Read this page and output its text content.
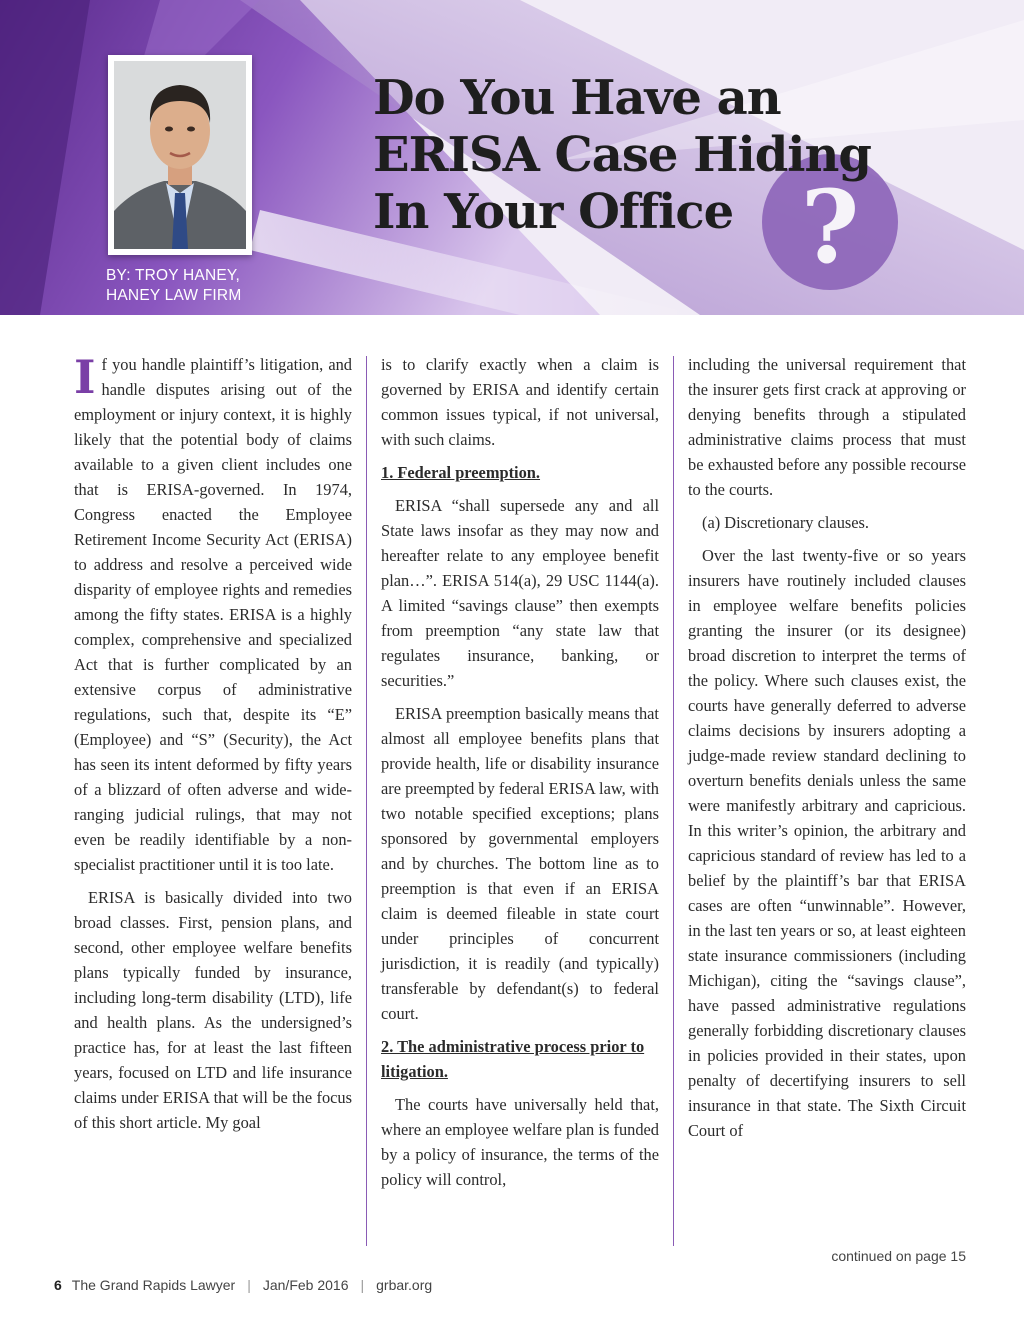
BY: TROY HANEY,
HANEY LAW FIRM
?
Do You Have an
ERISA Case Hiding
In Your Office

If you handle plaintiff’s litigation, and handle disputes arising out of the employment or injury context, it is highly likely that the potential body of claims available to a given client includes one that is ERISA-governed. In 1974, Congress enacted the Employee Retirement Income Security Act (ERISA) to address and resolve a perceived wide disparity of employee rights and remedies among the fifty states. ERISA is a highly complex, comprehensive and specialized Act that is further complicated by an extensive corpus of administrative regulations, such that, despite its “E” (Employee) and “S” (Security), the Act has seen its intent deformed by fifty years of a blizzard of often adverse and wide-ranging judicial rulings, that may not even be readily identifiable by a non-specialist practitioner until it is too late.

ERISA is basically divided into two broad classes. First, pension plans, and second, other employee welfare benefits plans typically funded by insurance, including long-term disability (LTD), life and health plans. As the undersigned’s practice has, for at least the last fifteen years, focused on LTD and life insurance claims under ERISA that will be the focus of this short article. My goal

is to clarify exactly when a claim is governed by ERISA and identify certain common issues typical, if not universal, with such claims.

1. Federal preemption.

ERISA “shall supersede any and all State laws insofar as they may now and hereafter relate to any employee benefit plan…”. ERISA 514(a), 29 USC 1144(a). A limited “savings clause” then exempts from preemption “any state law that regulates insurance, banking, or securities.”

ERISA preemption basically means that almost all employee benefits plans that provide health, life or disability insurance are preempted by federal ERISA law, with two notable specified exceptions; plans sponsored by governmental employers and by churches. The bottom line as to preemption is that even if an ERISA claim is deemed fileable in state court under principles of concurrent jurisdiction, it is readily (and typically) transferable by defendant(s) to federal court.

2. The administrative process prior to litigation.

The courts have universally held that, where an employee welfare plan is funded by a policy of insurance, the terms of the policy will control,

including the universal requirement that the insurer gets first crack at approving or denying benefits through a stipulated administrative claims process that must be exhausted before any possible recourse to the courts.

(a) Discretionary clauses.

Over the last twenty-five or so years insurers have routinely included clauses in employee welfare benefits policies granting the insurer (or its designee) broad discretion to interpret the terms of the policy. Where such clauses exist, the courts have generally deferred to adverse claims decisions by insurers adopting a judge-made review standard declining to overturn benefits denials unless the same were manifestly arbitrary and capricious. In this writer’s opinion, the arbitrary and capricious standard of review has led to a belief by the plaintiff’s bar that ERISA cases are often “unwinnable”. However, in the last ten years or so, at least eighteen state insurance commissioners (including Michigan), citing the “savings clause”, have passed administrative regulations generally forbidding discretionary clauses in policies provided in their states, upon penalty of decertifying insurers to sell insurance in that state. The Sixth Circuit Court of

continued on page 15
6 The Grand Rapids Lawyer | Jan/Feb 2016 | grbar.org
